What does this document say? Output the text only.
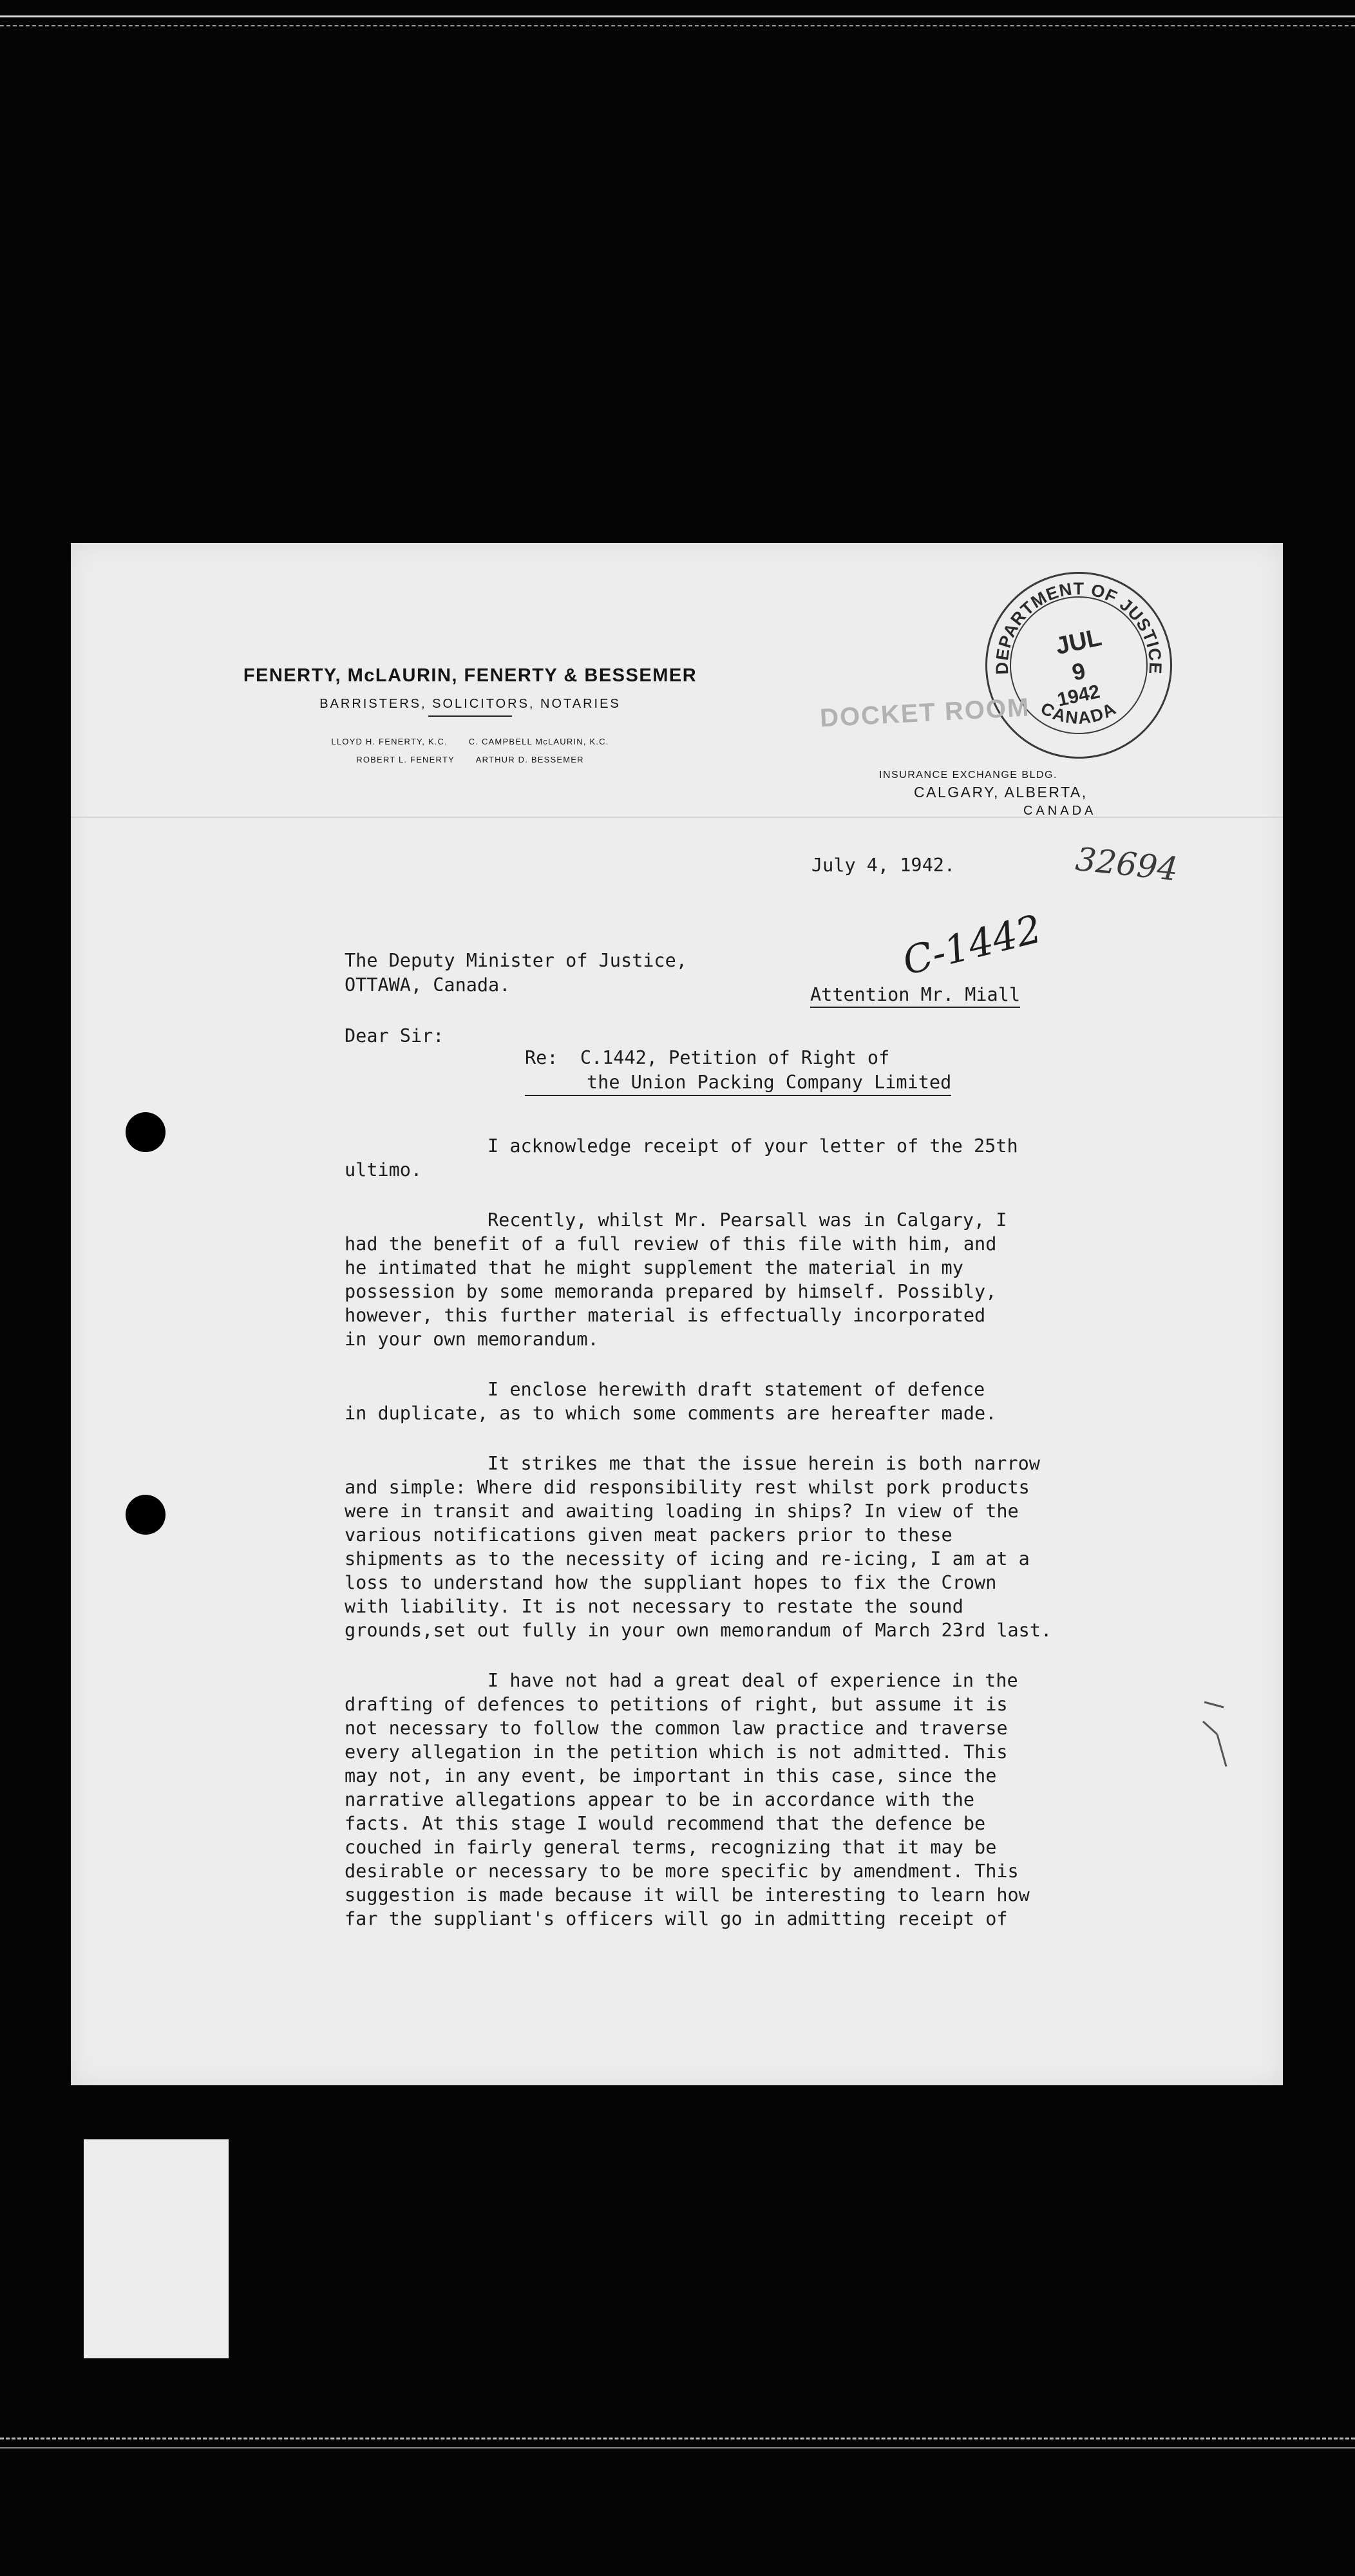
DEPARTMENT OF JUSTICE
CANADA
JUL
9
1942
DOCKET ROOM
FENERTY, McLAURIN, FENERTY & BESSEMER
BARRISTERS, SOLICITORS, NOTARIES
LLOYD H. FENERTY, K.C.	C. CAMPBELL McLAURIN, K.C.
ROBERT L. FENERTY	ARTHUR D. BESSEMER
INSURANCE EXCHANGE BLDG.
CALGARY, ALBERTA,
CANADA
July 4, 1942.	32694
C-1442
The Deputy Minister of Justice,
OTTAWA, Canada.	Attention Mr. Miall
Dear Sir:
Re: C.1442, Petition of Right of

the Union Packing Company Limited

I acknowledge receipt of your letter of the 25th
ultimo.

Recently, whilst Mr. Pearsall was in Calgary, I
had the benefit of a full review of this file with him, and
he intimated that he might supplement the material in my
possession by some memoranda prepared by himself. Possibly,
however, this further material is effectually incorporated
in your own memorandum.

I enclose herewith draft statement of defence
in duplicate, as to which some comments are hereafter made.

It strikes me that the issue herein is both narrow
and simple: Where did responsibility rest whilst pork products
were in transit and awaiting loading in ships? In view of the
various notifications given meat packers prior to these
shipments as to the necessity of icing and re-icing, I am at a
loss to understand how the suppliant hopes to fix the Crown
with liability. It is not necessary to restate the sound
grounds,set out fully in your own memorandum of March 23rd last.

I have not had a great deal of experience in the
drafting of defences to petitions of right, but assume it is
not necessary to follow the common law practice and traverse
every allegation in the petition which is not admitted. This
may not, in any event, be important in this case, since the
narrative allegations appear to be in accordance with the
facts. At this stage I would recommend that the defence be
couched in fairly general terms, recognizing that it may be
desirable or necessary to be more specific by amendment. This
suggestion is made because it will be interesting to learn how
far the suppliant's officers will go in admitting receipt of
